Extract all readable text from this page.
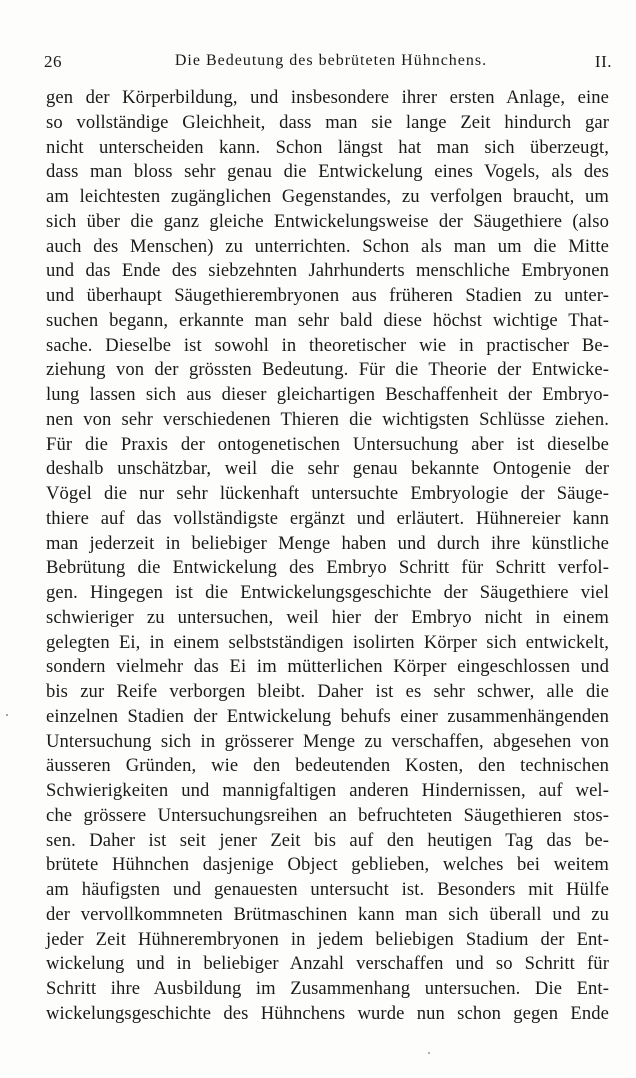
26	Die Bedeutung des bebrüteten Hühnchens.	II.
gen der Körperbildung, und insbesondere ihrer ersten Anlage, eine
so vollständige Gleichheit, dass man sie lange Zeit hindurch gar
nicht unterscheiden kann. Schon längst hat man sich überzeugt,
dass man bloss sehr genau die Entwickelung eines Vogels, als des
am leichtesten zugänglichen Gegenstandes, zu verfolgen braucht, um
sich über die ganz gleiche Entwickelungsweise der Säugethiere (also
auch des Menschen) zu unterrichten. Schon als man um die Mitte
und das Ende des siebzehnten Jahrhunderts menschliche Embryonen
und überhaupt Säugethierembryonen aus früheren Stadien zu unter-
suchen begann, erkannte man sehr bald diese höchst wichtige That-
sache. Dieselbe ist sowohl in theoretischer wie in practischer Be-
ziehung von der grössten Bedeutung. Für die Theorie der Entwicke-
lung lassen sich aus dieser gleichartigen Beschaffenheit der Embryo-
nen von sehr verschiedenen Thieren die wichtigsten Schlüsse ziehen.
Für die Praxis der ontogenetischen Untersuchung aber ist dieselbe
deshalb unschätzbar, weil die sehr genau bekannte Ontogenie der
Vögel die nur sehr lückenhaft untersuchte Embryologie der Säuge-
thiere auf das vollständigste ergänzt und erläutert. Hühnereier kann
man jederzeit in beliebiger Menge haben und durch ihre künstliche
Bebrütung die Entwickelung des Embryo Schritt für Schritt verfol-
gen. Hingegen ist die Entwickelungsgeschichte der Säugethiere viel
schwieriger zu untersuchen, weil hier der Embryo nicht in einem
gelegten Ei, in einem selbstständigen isolirten Körper sich entwickelt,
sondern vielmehr das Ei im mütterlichen Körper eingeschlossen und
bis zur Reife verborgen bleibt. Daher ist es sehr schwer, alle die
einzelnen Stadien der Entwickelung behufs einer zusammenhängenden
Untersuchung sich in grösserer Menge zu verschaffen, abgesehen von
äusseren Gründen, wie den bedeutenden Kosten, den technischen
Schwierigkeiten und mannigfaltigen anderen Hindernissen, auf wel-
che grössere Untersuchungsreihen an befruchteten Säugethieren stos-
sen. Daher ist seit jener Zeit bis auf den heutigen Tag das be-
brütete Hühnchen dasjenige Object geblieben, welches bei weitem
am häufigsten und genauesten untersucht ist. Besonders mit Hülfe
der vervollkommneten Brütmaschinen kann man sich überall und zu
jeder Zeit Hühnerembryonen in jedem beliebigen Stadium der Ent-
wickelung und in beliebiger Anzahl verschaffen und so Schritt für
Schritt ihre Ausbildung im Zusammenhang untersuchen. Die Ent-
wickelungsgeschichte des Hühnchens wurde nun schon gegen Ende
